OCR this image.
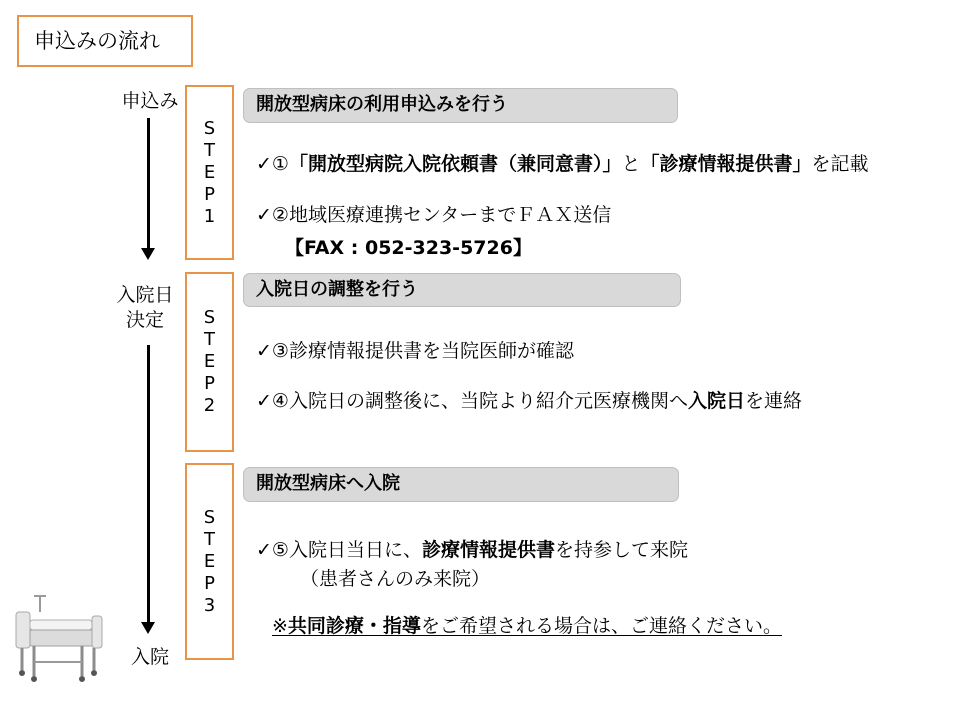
申込みの流れ
申込み
入院日
決定
入院
STEP1
STEP2
STEP3
開放型病床の利用申込みを行う
✓①「開放型病院入院依頼書（兼同意書）」と「診療情報提供書」を記載
✓②地域医療連携センターまでＦＡＸ送信
【FAX : 052-323-5726】
入院日の調整を行う
✓③診療情報提供書を当院医師が確認
✓④入院日の調整後に、当院より紹介元医療機関へ入院日を連絡
開放型病床へ入院
✓⑤入院日当日に、診療情報提供書を持参して来院
（患者さんのみ来院）
※共同診療・指導をご希望される場合は、ご連絡ください。
